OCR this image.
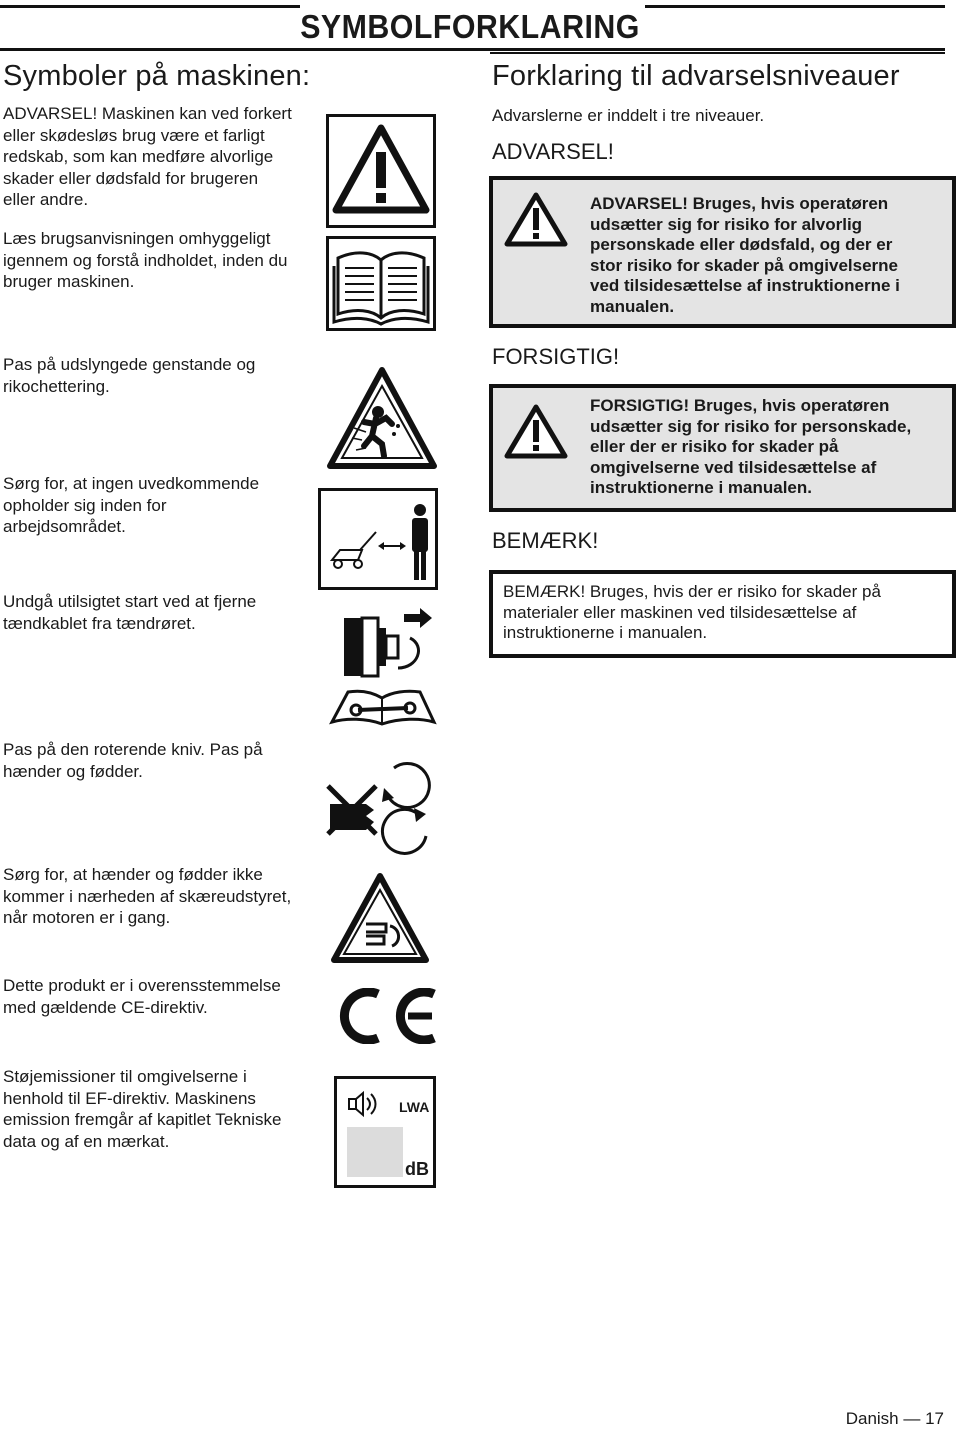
SYMBOLFORKLARING
Symboler på maskinen:
ADVARSEL! Maskinen kan ved forkert
eller skødesløs brug være et farligt
redskab, som kan medføre alvorlige
skader eller dødsfald for brugeren
eller andre.
Læs brugsanvisningen omhyggeligt
igennem og forstå indholdet, inden du
bruger maskinen.
Pas på udslyngede genstande og
rikochettering.
Sørg for, at ingen uvedkommende
opholder sig inden for
arbejdsområdet.
Undgå utilsigtet start ved at fjerne
tændkablet fra tændrøret.
Pas på den roterende kniv. Pas på
hænder og fødder.
Sørg for, at hænder og fødder ikke
kommer i nærheden af skæreudstyret,
når motoren er i gang.
Dette produkt er i overensstemmelse
med gældende CE-direktiv.
Støjemissioner til omgivelserne i
henhold til EF-direktiv. Maskinens
emission fremgår af kapitlet Tekniske
data og af en mærkat.
LWA
dB
Forklaring til advarselsniveauer
Advarslerne er inddelt i tre niveauer.
ADVARSEL!
ADVARSEL! Bruges, hvis operatøren
udsætter sig for risiko for alvorlig
personskade eller dødsfald, og der er
stor risiko for skader på omgivelserne
ved tilsidesættelse af instruktionerne i
manualen.
FORSIGTIG!
FORSIGTIG! Bruges, hvis operatøren
udsætter sig for risiko for personskade,
eller der er risiko for skader på
omgivelserne ved tilsidesættelse af
instruktionerne i manualen.
BEMÆRK!
BEMÆRK! Bruges, hvis der er risiko for skader på
materialer eller maskinen ved tilsidesættelse af
instruktionerne i manualen.
Danish — 17
